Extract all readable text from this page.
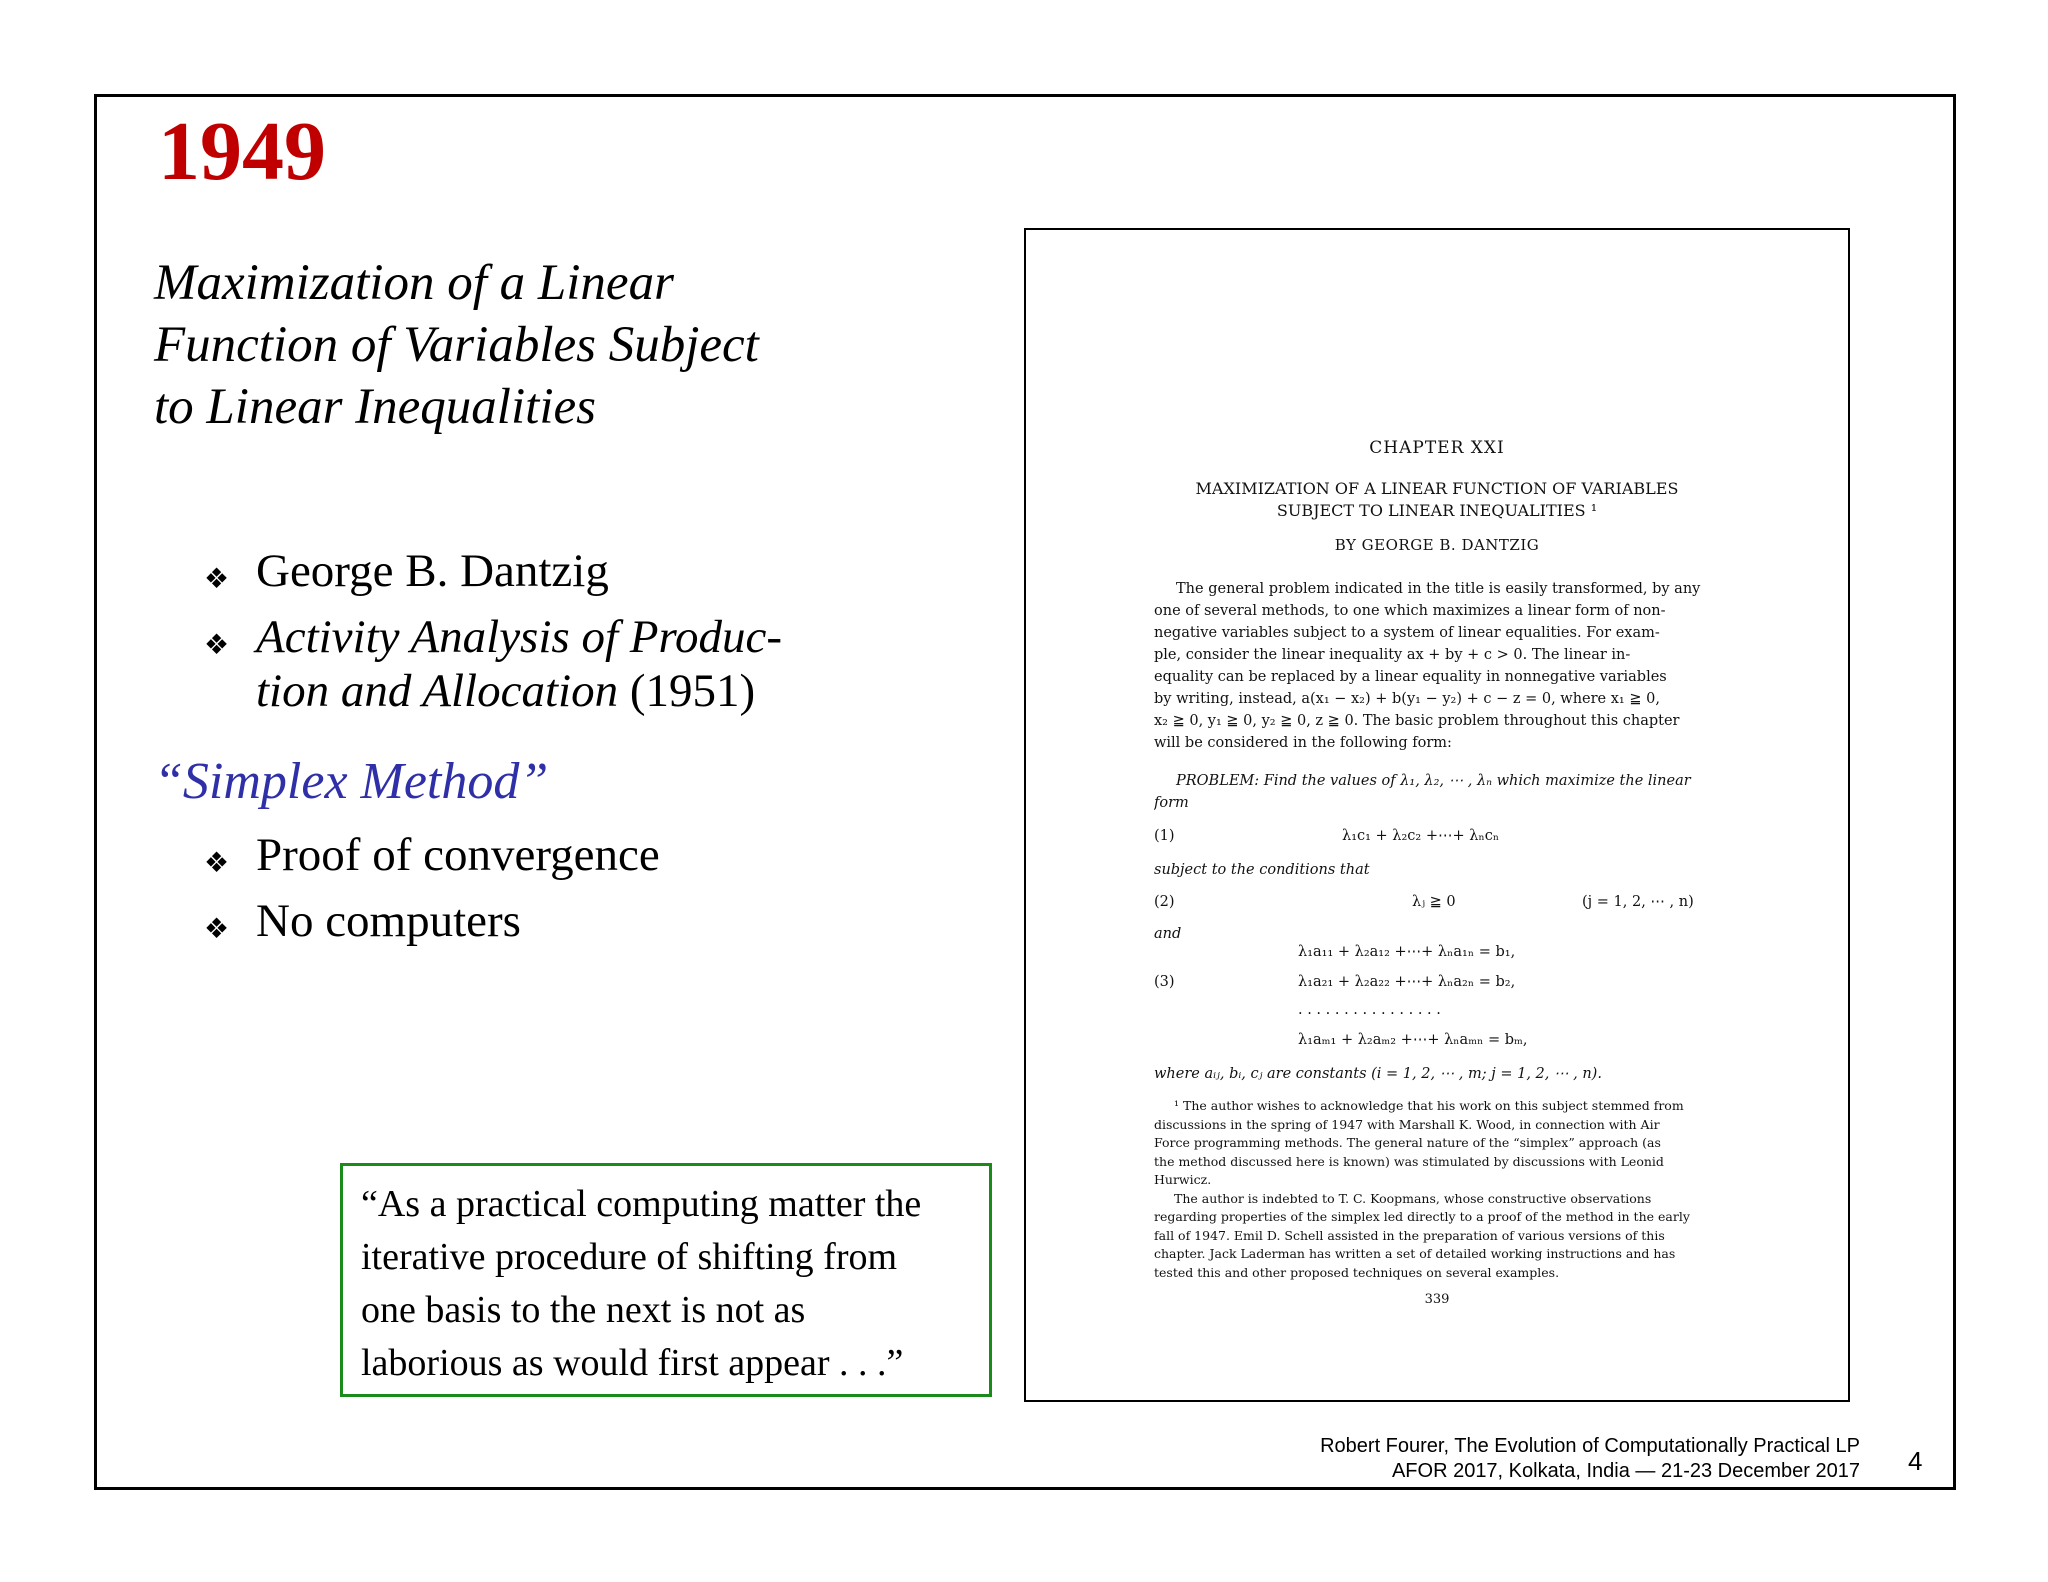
1949
Maximization of a Linear
Function of Variables Subject
to Linear Inequalities
❖ George B. Dantzig
❖ Activity Analysis of Produc-
tion and Allocation (1951)
“Simplex Method”
❖ Proof of convergence
❖ No computers
“As a practical computing matter the
iterative procedure of shifting from
one basis to the next is not as
laborious as would first appear . . .”
CHAPTER XXI
MAXIMIZATION OF A LINEAR FUNCTION OF VARIABLES
SUBJECT TO LINEAR INEQUALITIES ¹
BY GEORGE B. DANTZIG
The general problem indicated in the title is easily transformed, by any
one of several methods, to one which maximizes a linear form of non-
negative variables subject to a system of linear equalities. For exam-
ple, consider the linear inequality ax + by + c > 0. The linear in-
equality can be replaced by a linear equality in nonnegative variables
by writing, instead, a(x₁ − x₂) + b(y₁ − y₂) + c − z = 0, where x₁ ≧ 0,
x₂ ≧ 0, y₁ ≧ 0, y₂ ≧ 0, z ≧ 0. The basic problem throughout this chapter
will be considered in the following form:
PROBLEM: Find the values of λ₁, λ₂, ⋯ , λₙ which maximize the linear
form
(1)	λ₁c₁ + λ₂c₂ +⋯+ λₙcₙ
subject to the conditions that
(2)	λⱼ ≧ 0	(j = 1, 2, ⋯ , n)
and
(3)
λ₁a₁₁ + λ₂a₁₂ +⋯+ λₙa₁ₙ = b₁,
λ₁a₂₁ + λ₂a₂₂ +⋯+ λₙa₂ₙ = b₂,
. . . . . . . . . . . . . . . .
λ₁aₘ₁ + λ₂aₘ₂ +⋯+ λₙaₘₙ = bₘ,
where aᵢⱼ, bᵢ, cⱼ are constants (i = 1, 2, ⋯ , m; j = 1, 2, ⋯ , n).
¹ The author wishes to acknowledge that his work on this subject stemmed from
discussions in the spring of 1947 with Marshall K. Wood, in connection with Air
Force programming methods. The general nature of the “simplex” approach (as
the method discussed here is known) was stimulated by discussions with Leonid
Hurwicz.
The author is indebted to T. C. Koopmans, whose constructive observations
regarding properties of the simplex led directly to a proof of the method in the early
fall of 1947. Emil D. Schell assisted in the preparation of various versions of this
chapter. Jack Laderman has written a set of detailed working instructions and has
tested this and other proposed techniques on several examples.
339
Robert Fourer, The Evolution of Computationally Practical LP
AFOR 2017, Kolkata, India — 21-23 December 2017 4
